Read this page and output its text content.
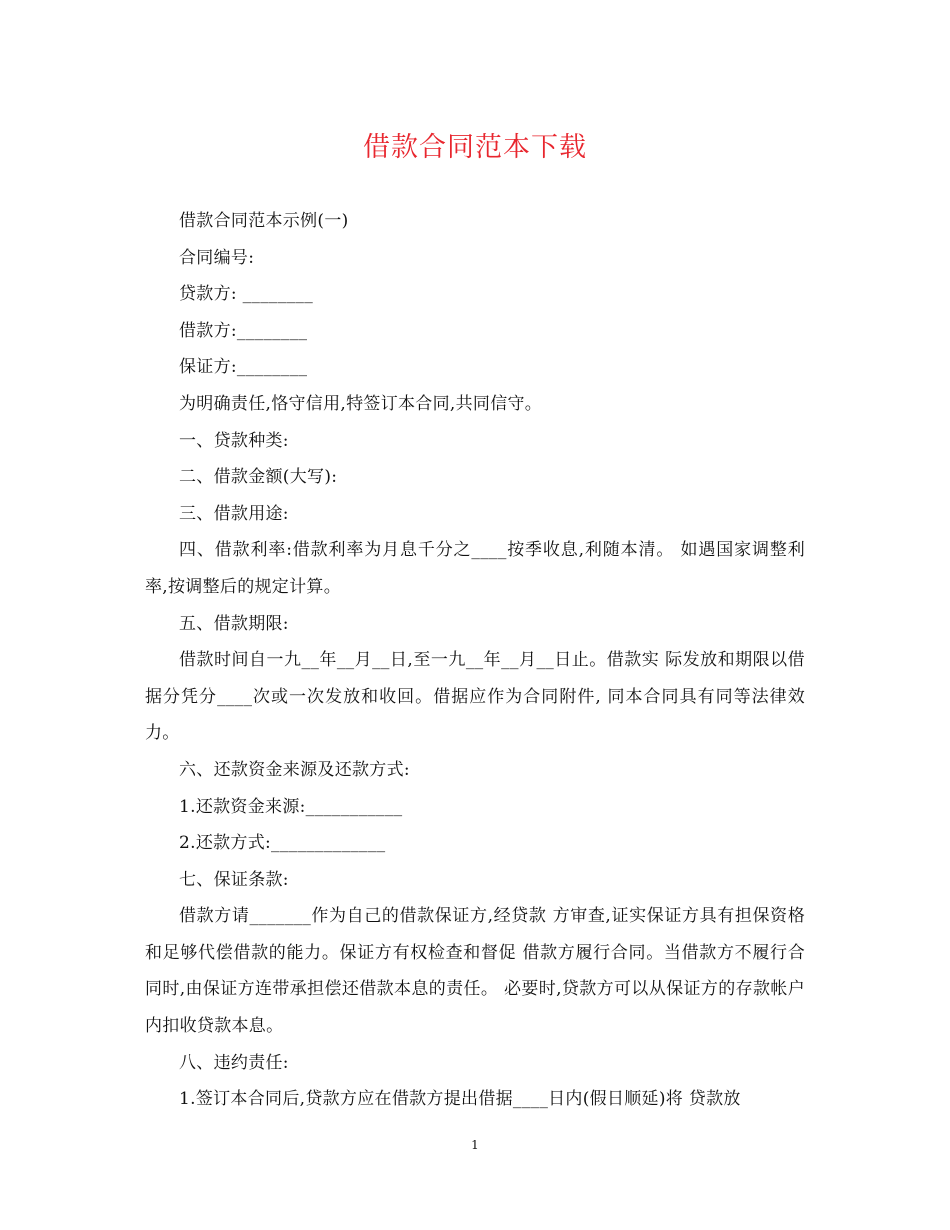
借款合同范本下载

借款合同范本示例(一)

合同编号:

贷款方: ________

借款方:________

保证方:________

为明确责任,恪守信用,特签订本合同,共同信守。

一、贷款种类:

二、借款金额(大写):

三、借款用途:

四、借款利率:借款利率为月息千分之____按季收息,利随本清。 如遇国家调整利率,按调整后的规定计算。

五、借款期限:

借款时间自一九__年__月__日,至一九__年__月__日止。借款实 际发放和期限以借据分凭分____次或一次发放和收回。借据应作为合同附件, 同本合同具有同等法律效力。

六、还款资金来源及还款方式:

1.还款资金来源:___________

2.还款方式:_____________

七、保证条款:

借款方请_______作为自己的借款保证方,经贷款 方审查,证实保证方具有担保资格和足够代偿借款的能力。保证方有权检查和督促 借款方履行合同。当借款方不履行合同时,由保证方连带承担偿还借款本息的责任。 必要时,贷款方可以从保证方的存款帐户内扣收贷款本息。

八、违约责任:

1.签订本合同后,贷款方应在借款方提出借据____日内(假日顺延)将 贷款放

1
